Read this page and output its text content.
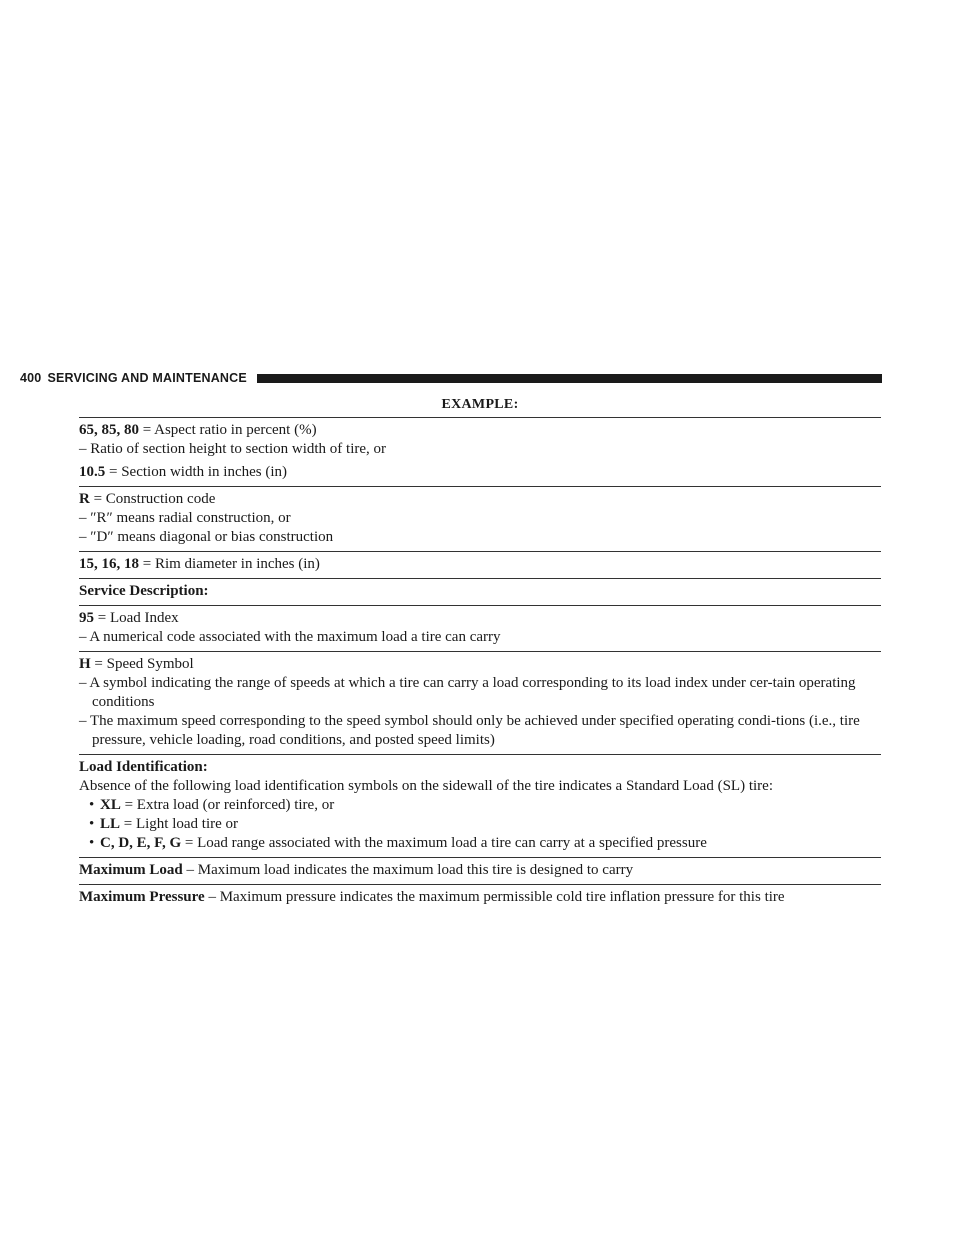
400 SERVICING AND MAINTENANCE
EXAMPLE:

65, 85, 80 = Aspect ratio in percent (%)

– Ratio of section height to section width of tire, or

10.5 = Section width in inches (in)

R = Construction code

– ″R″ means radial construction, or

– ″D″ means diagonal or bias construction

15, 16, 18 = Rim diameter in inches (in)

Service Description:

95 = Load Index

– A numerical code associated with the maximum load a tire can carry

H = Speed Symbol

– A symbol indicating the range of speeds at which a tire can carry a load corresponding to its load index under cer-tain operating conditions

– The maximum speed corresponding to the speed symbol should only be achieved under specified operating condi-tions (i.e., tire pressure, vehicle loading, road conditions, and posted speed limits)

Load Identification:

Absence of the following load identification symbols on the sidewall of the tire indicates a Standard Load (SL) tire:

• XL = Extra load (or reinforced) tire, or

• LL = Light load tire or

• C, D, E, F, G = Load range associated with the maximum load a tire can carry at a specified pressure

Maximum Load – Maximum load indicates the maximum load this tire is designed to carry

Maximum Pressure – Maximum pressure indicates the maximum permissible cold tire inflation pressure for this tire
